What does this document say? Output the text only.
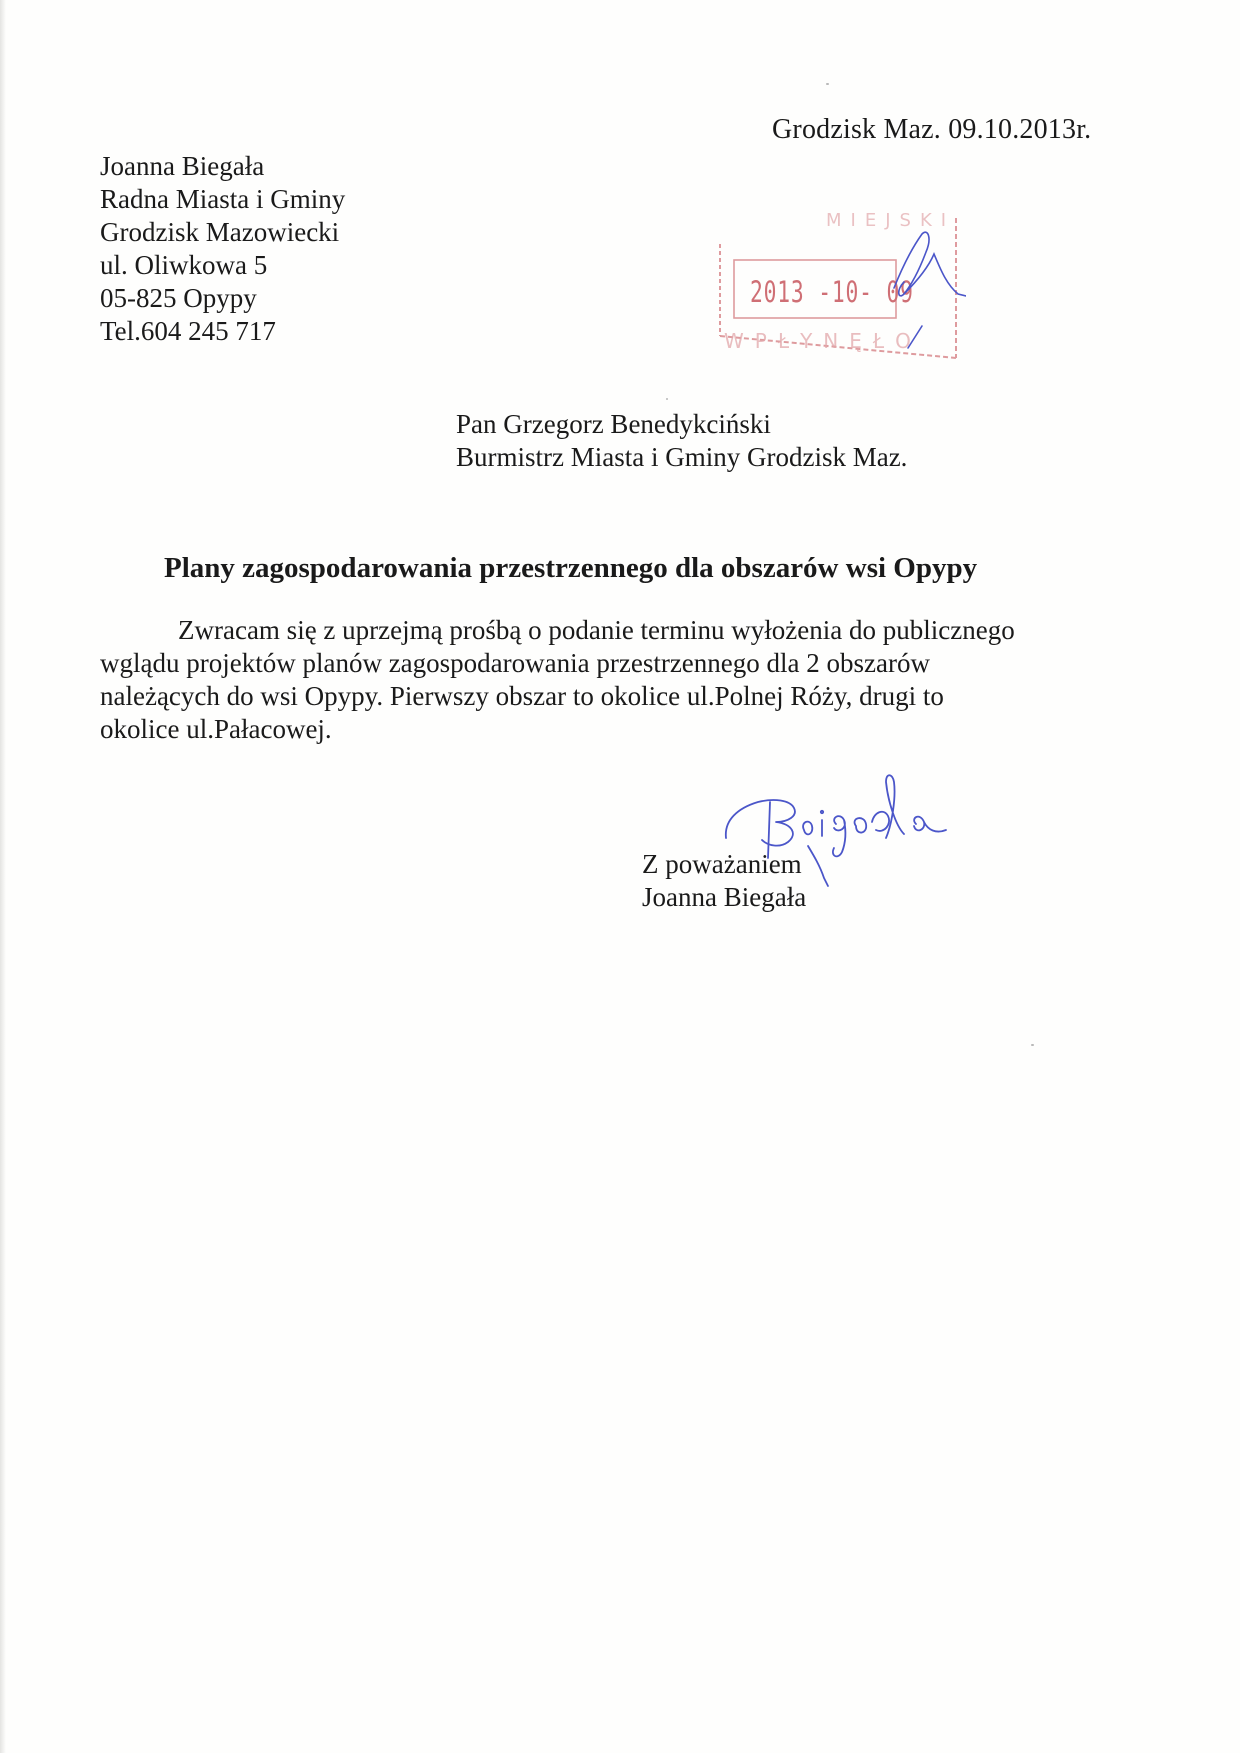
Grodzisk Maz. 09.10.2013r.
Joanna Biegała
Radna Miasta i Gminy
Grodzisk Mazowiecki
ul. Oliwkowa 5
05-825 Opypy
Tel.604 245 717
MIEJSKI
2013 -10- 09
WPŁYNĘŁO
Pan Grzegorz Benedykciński
Burmistrz Miasta i Gminy Grodzisk Maz.
Plany zagospodarowania przestrzennego dla obszarów wsi Opypy
Zwracam się z uprzejmą prośbą o podanie terminu wyłożenia do publicznego
wglądu projektów planów zagospodarowania przestrzennego dla 2 obszarów
należących do wsi Opypy. Pierwszy obszar to okolice ul.Polnej Róży, drugi to
okolice ul.Pałacowej.
Z poważaniem
Joanna Biegała
